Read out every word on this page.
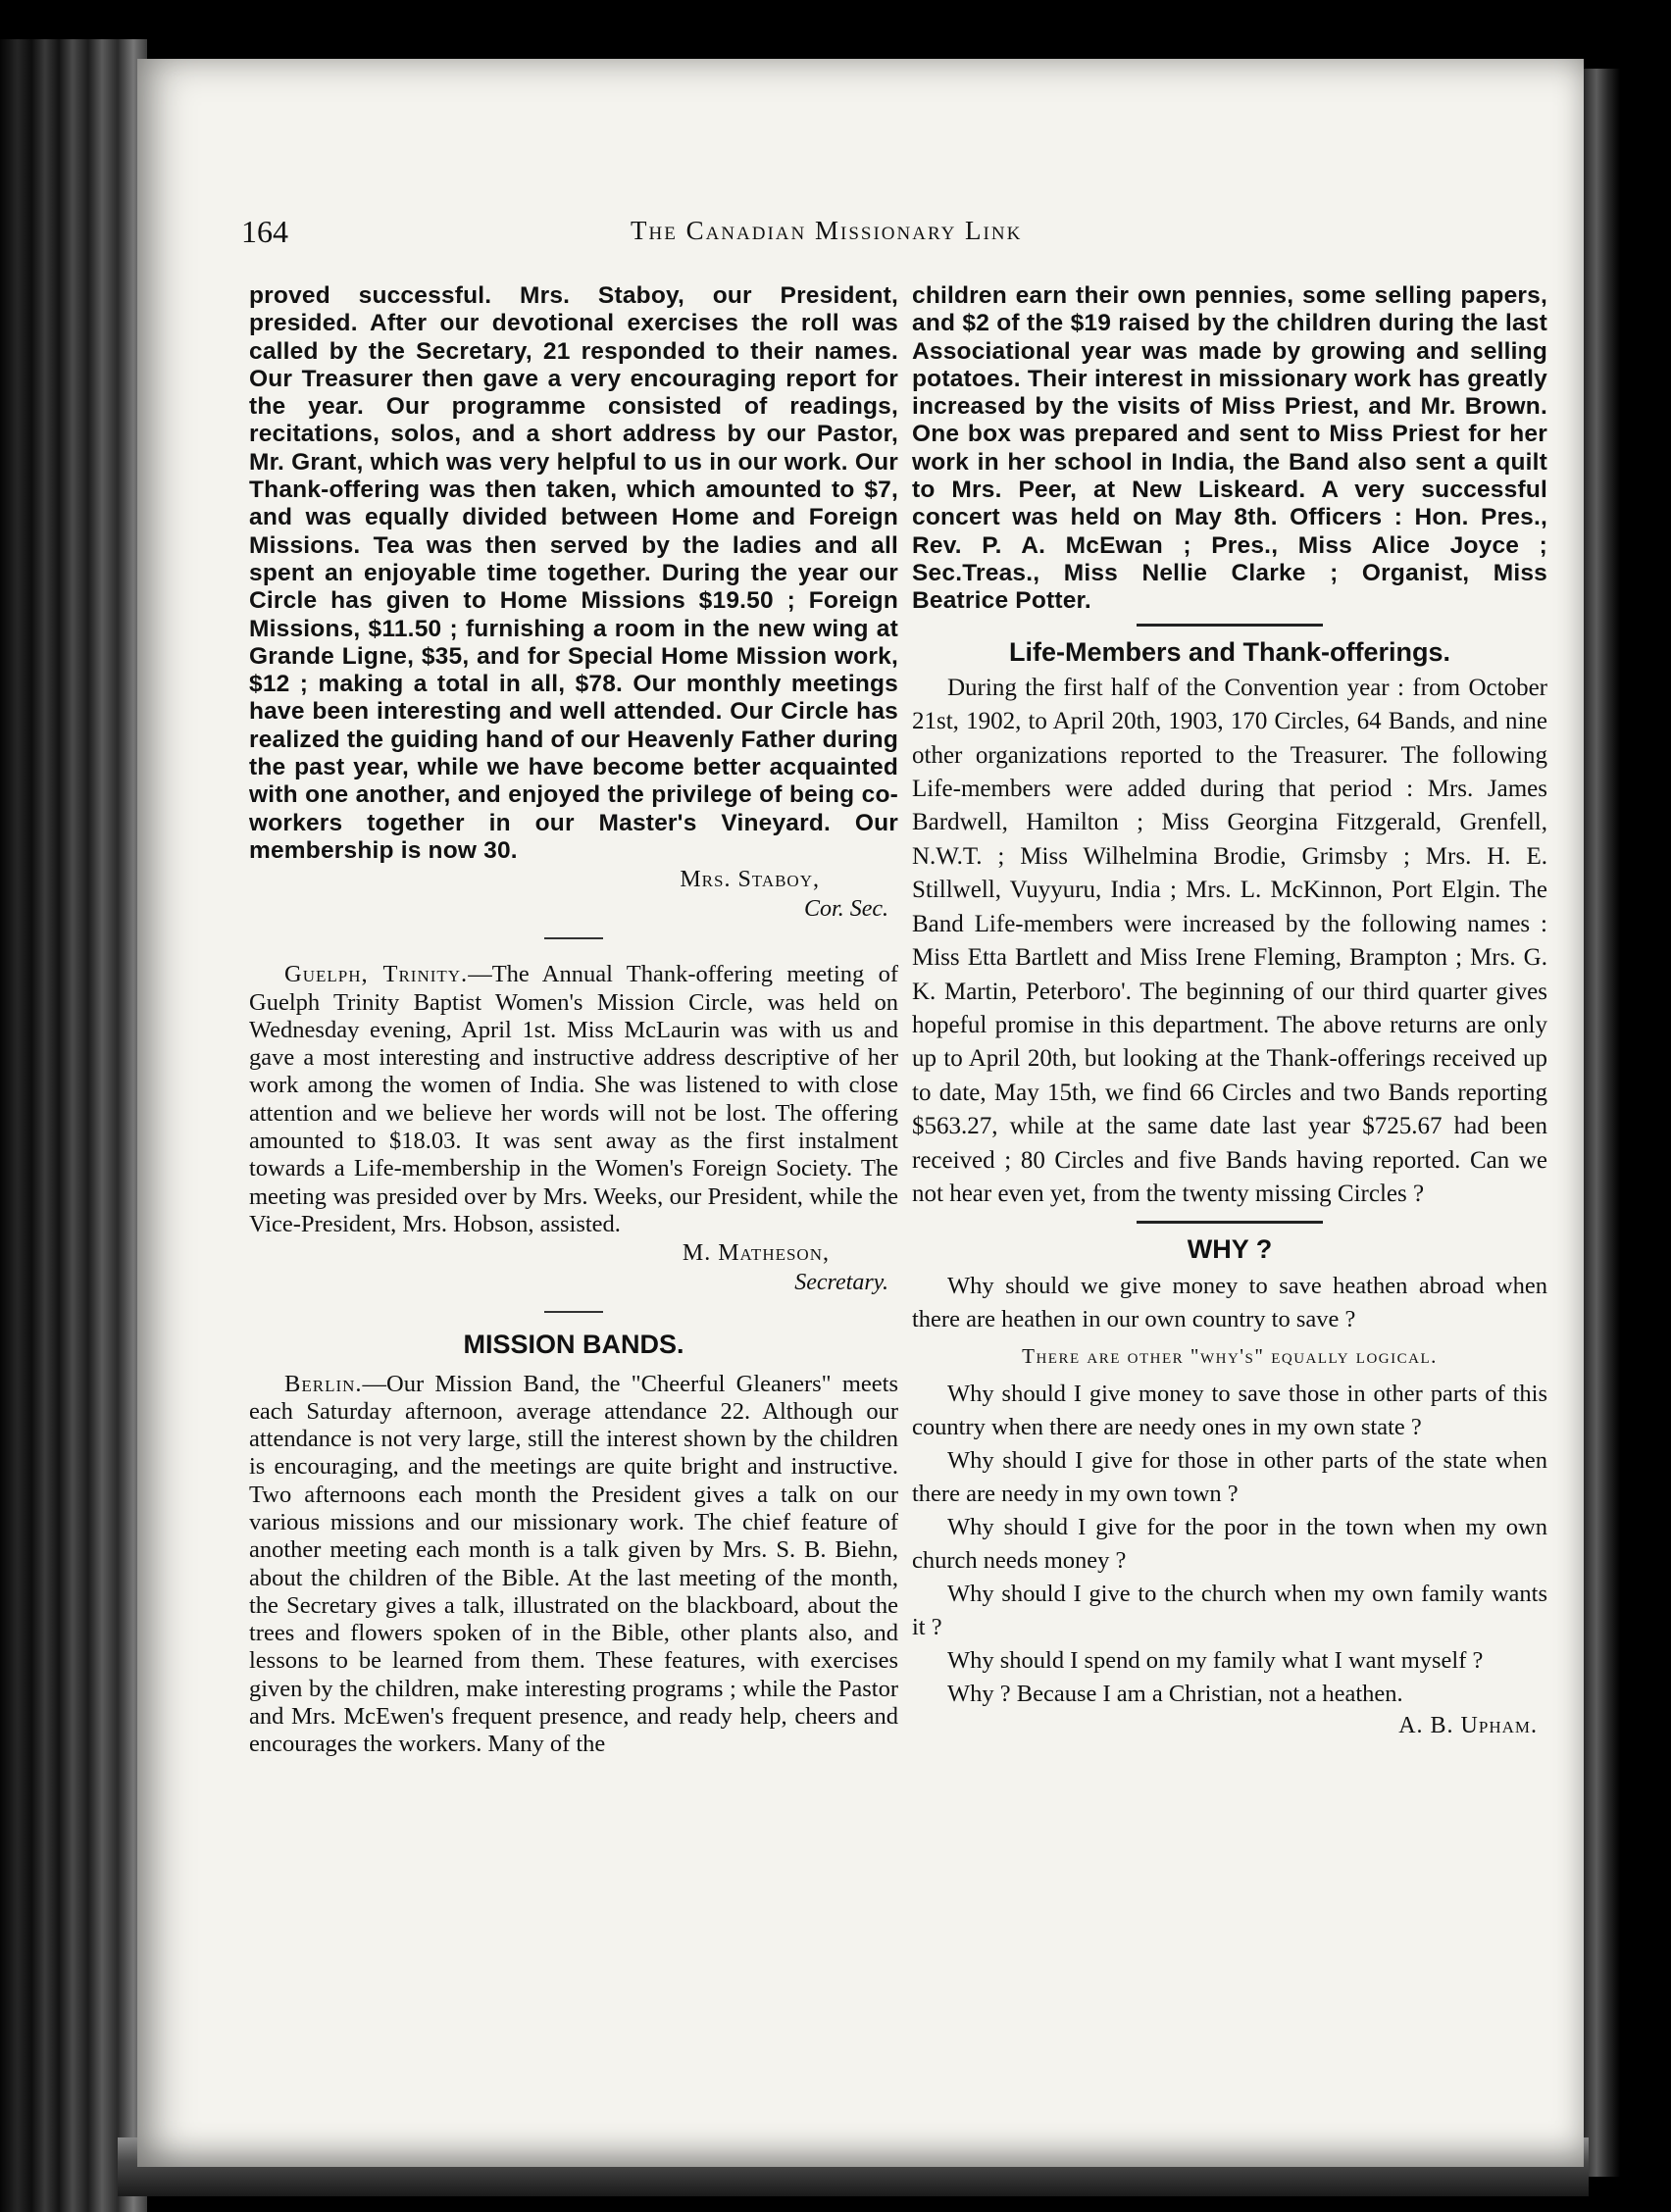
164	The Canadian Missionary Link

proved successful. Mrs. Staboy, our President, presided. After our devotional exercises the roll was called by the Secretary, 21 responded to their names. Our Treasurer then gave a very encouraging report for the year. Our programme consisted of readings, recitations, solos, and a short address by our Pastor, Mr. Grant, which was very helpful to us in our work. Our Thank-offering was then taken, which amounted to $7, and was equally divided between Home and Foreign Missions. Tea was then served by the ladies and all spent an enjoyable time together. During the year our Circle has given to Home Missions $19.50 ; Foreign Missions, $11.50 ; furnishing a room in the new wing at Grande Ligne, $35, and for Special Home Mission work, $12 ; making a total in all, $78. Our monthly meetings have been interesting and well attended. Our Circle has realized the guiding hand of our Heavenly Father during the past year, while we have become better acquainted with one another, and enjoyed the privilege of being co-workers together in our Master's Vineyard. Our membership is now 30.

Mrs. Staboy,
Cor. Sec.

Guelph, Trinity.—The Annual Thank-offering meeting of Guelph Trinity Baptist Women's Mission Circle, was held on Wednesday evening, April 1st. Miss McLaurin was with us and gave a most interesting and instructive address descriptive of her work among the women of India. She was listened to with close attention and we believe her words will not be lost. The offering amounted to $18.03. It was sent away as the first instalment towards a Life-membership in the Women's Foreign Society. The meeting was presided over by Mrs. Weeks, our President, while the Vice-President, Mrs. Hobson, assisted.

M. Matheson,
Secretary.
MISSION BANDS.

Berlin.—Our Mission Band, the "Cheerful Gleaners" meets each Saturday afternoon, average attendance 22. Although our attendance is not very large, still the interest shown by the children is encouraging, and the meetings are quite bright and instructive. Two afternoons each month the President gives a talk on our various missions and our missionary work. The chief feature of another meeting each month is a talk given by Mrs. S. B. Biehn, about the children of the Bible. At the last meeting of the month, the Secretary gives a talk, illustrated on the blackboard, about the trees and flowers spoken of in the Bible, other plants also, and lessons to be learned from them. These features, with exercises given by the children, make interesting programs ; while the Pastor and Mrs. McEwen's frequent presence, and ready help, cheers and encourages the workers. Many of the

children earn their own pennies, some selling papers, and $2 of the $19 raised by the children during the last Associational year was made by growing and selling potatoes. Their interest in missionary work has greatly increased by the visits of Miss Priest, and Mr. Brown. One box was prepared and sent to Miss Priest for her work in her school in India, the Band also sent a quilt to Mrs. Peer, at New Liskeard. A very successful concert was held on May 8th. Officers : Hon. Pres., Rev. P. A. McEwan ; Pres., Miss Alice Joyce ; Sec.Treas., Miss Nellie Clarke ; Organist, Miss Beatrice Potter.

Life-Members and Thank-offerings.

During the first half of the Convention year : from October 21st, 1902, to April 20th, 1903, 170 Circles, 64 Bands, and nine other organizations reported to the Treasurer. The following Life-members were added during that period : Mrs. James Bardwell, Hamilton ; Miss Georgina Fitzgerald, Grenfell, N.W.T. ; Miss Wilhelmina Brodie, Grimsby ; Mrs. H. E. Stillwell, Vuyyuru, India ; Mrs. L. McKinnon, Port Elgin. The Band Life-members were increased by the following names : Miss Etta Bartlett and Miss Irene Fleming, Brampton ; Mrs. G. K. Martin, Peterboro'. The beginning of our third quarter gives hopeful promise in this department. The above returns are only up to April 20th, but looking at the Thank-offerings received up to date, May 15th, we find 66 Circles and two Bands reporting $563.27, while at the same date last year $725.67 had been received ; 80 Circles and five Bands having reported. Can we not hear even yet, from the twenty missing Circles ?

WHY ?

Why should we give money to save heathen abroad when there are heathen in our own country to save ?

There are other "why's" equally logical.

Why should I give money to save those in other parts of this country when there are needy ones in my own state ?

Why should I give for those in other parts of the state when there are needy in my own town ?

Why should I give for the poor in the town when my own church needs money ?

Why should I give to the church when my own family wants it ?

Why should I spend on my family what I want myself ?

Why ? Because I am a Christian, not a heathen.

A. B. Upham.
